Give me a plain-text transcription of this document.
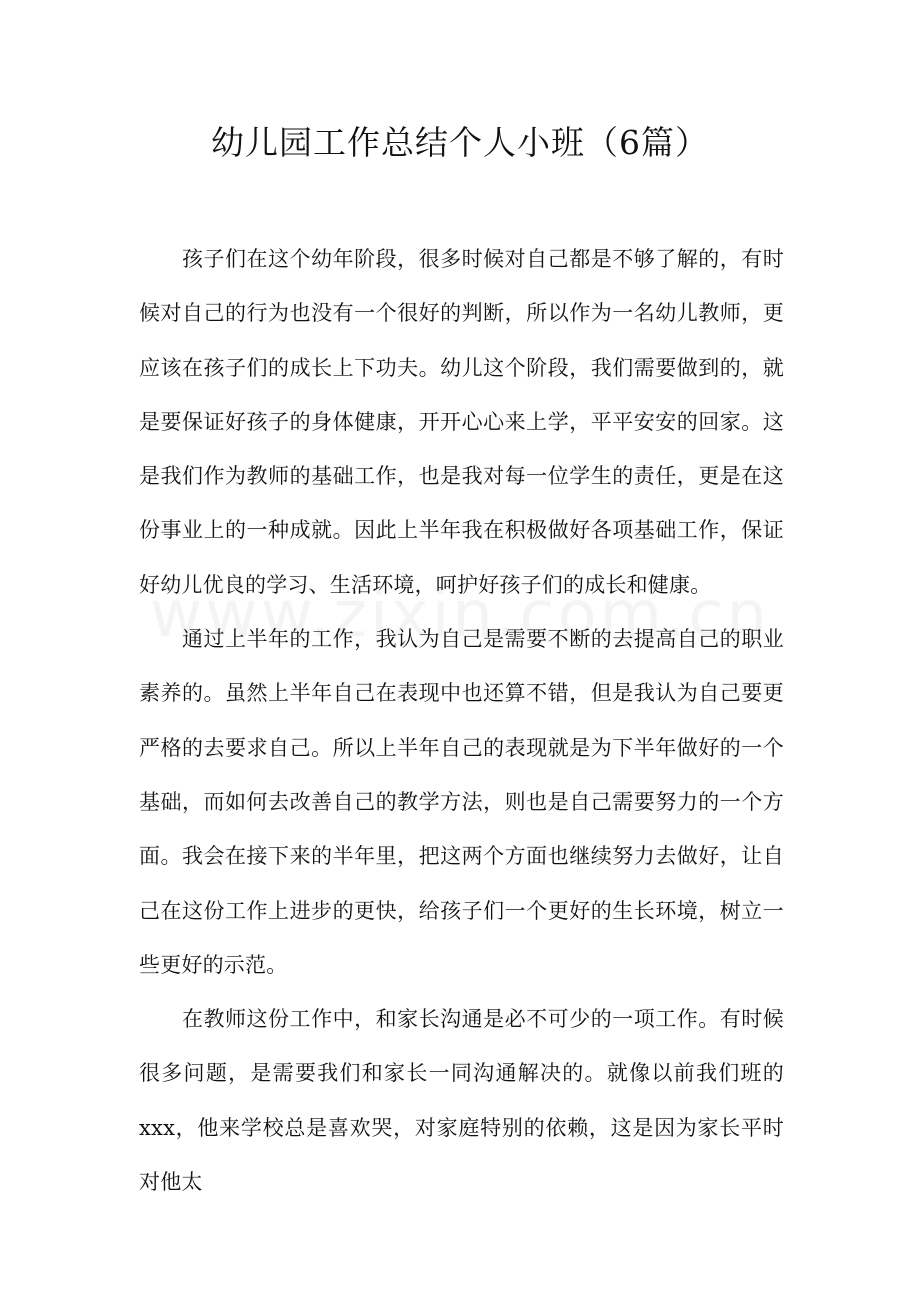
幼儿园工作总结个人小班（6篇）

孩子们在这个幼年阶段，很多时候对自己都是不够了解的，有时候对自己的行为也没有一个很好的判断，所以作为一名幼儿教师，更应该在孩子们的成长上下功夫。幼儿这个阶段，我们需要做到的，就是要保证好孩子的身体健康，开开心心来上学，平平安安的回家。这是我们作为教师的基础工作，也是我对每一位学生的责任，更是在这份事业上的一种成就。因此上半年我在积极做好各项基础工作，保证好幼儿优良的学习、生活环境，呵护好孩子们的成长和健康。

通过上半年的工作，我认为自己是需要不断的去提高自己的职业素养的。虽然上半年自己在表现中也还算不错，但是我认为自己要更严格的去要求自己。所以上半年自己的表现就是为下半年做好的一个基础，而如何去改善自己的教学方法，则也是自己需要努力的一个方面。我会在接下来的半年里，把这两个方面也继续努力去做好，让自己在这份工作上进步的更快，给孩子们一个更好的生长环境，树立一些更好的示范。

在教师这份工作中，和家长沟通是必不可少的一项工作。有时候很多问题，是需要我们和家长一同沟通解决的。就像以前我们班的xxx，他来学校总是喜欢哭，对家庭特别的依赖，这是因为家长平时对他太
